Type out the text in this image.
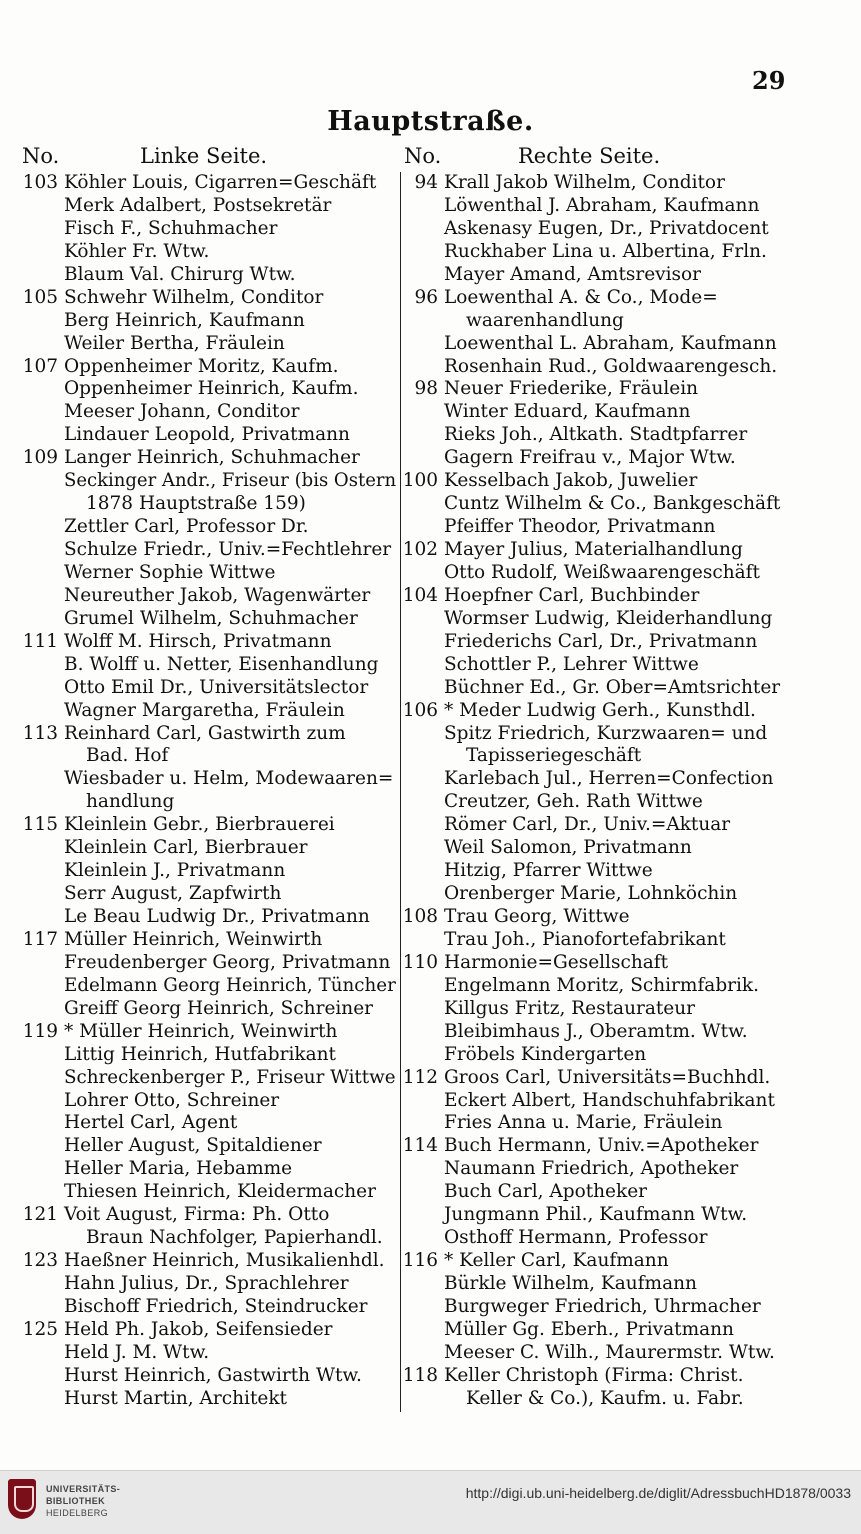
29
Hauptstraße.
No.	Linke Seite.	No.	Rechte Seite.
103 Köhler Louis, Cigarren=Geschäft
Merk Adalbert, Postsekretär
Fisch F., Schuhmacher
Köhler Fr. Wtw.
Blaum Val. Chirurg Wtw.
105 Schwehr Wilhelm, Conditor
Berg Heinrich, Kaufmann
Weiler Bertha, Fräulein
107 Oppenheimer Moritz, Kaufm.
Oppenheimer Heinrich, Kaufm.
Meeser Johann, Conditor
Lindauer Leopold, Privatmann
109 Langer Heinrich, Schuhmacher
Seckinger Andr., Friseur (bis Ostern
1878 Hauptstraße 159)
Zettler Carl, Professor Dr.
Schulze Friedr., Univ.=Fechtlehrer
Werner Sophie Wittwe
Neureuther Jakob, Wagenwärter
Grumel Wilhelm, Schuhmacher
111 Wolff M. Hirsch, Privatmann
B. Wolff u. Netter, Eisenhandlung
Otto Emil Dr., Universitätslector
Wagner Margaretha, Fräulein
113 Reinhard Carl, Gastwirth zum
Bad. Hof
Wiesbader u. Helm, Modewaaren=
handlung
115 Kleinlein Gebr., Bierbrauerei
Kleinlein Carl, Bierbrauer
Kleinlein J., Privatmann
Serr August, Zapfwirth
Le Beau Ludwig Dr., Privatmann
117 Müller Heinrich, Weinwirth
Freudenberger Georg, Privatmann
Edelmann Georg Heinrich, Tüncher
Greiff Georg Heinrich, Schreiner
119 * Müller Heinrich, Weinwirth
Littig Heinrich, Hutfabrikant
Schreckenberger P., Friseur Wittwe
Lohrer Otto, Schreiner
Hertel Carl, Agent
Heller August, Spitaldiener
Heller Maria, Hebamme
Thiesen Heinrich, Kleidermacher
121 Voit August, Firma: Ph. Otto
Braun Nachfolger, Papierhandl.
123 Haeßner Heinrich, Musikalienhdl.
Hahn Julius, Dr., Sprachlehrer
Bischoff Friedrich, Steindrucker
125 Held Ph. Jakob, Seifensieder
Held J. M. Wtw.
Hurst Heinrich, Gastwirth Wtw.
Hurst Martin, Architekt
94 Krall Jakob Wilhelm, Conditor
Löwenthal J. Abraham, Kaufmann
Askenasy Eugen, Dr., Privatdocent
Ruckhaber Lina u. Albertina, Frln.
Mayer Amand, Amtsrevisor
96 Loewenthal A. & Co., Mode=
waarenhandlung
Loewenthal L. Abraham, Kaufmann
Rosenhain Rud., Goldwaarengesch.
98 Neuer Friederike, Fräulein
Winter Eduard, Kaufmann
Rieks Joh., Altkath. Stadtpfarrer
Gagern Freifrau v., Major Wtw.
100 Kesselbach Jakob, Juwelier
Cuntz Wilhelm & Co., Bankgeschäft
Pfeiffer Theodor, Privatmann
102 Mayer Julius, Materialhandlung
Otto Rudolf, Weißwaarengeschäft
104 Hoepfner Carl, Buchbinder
Wormser Ludwig, Kleiderhandlung
Friederichs Carl, Dr., Privatmann
Schottler P., Lehrer Wittwe
Büchner Ed., Gr. Ober=Amtsrichter
106 * Meder Ludwig Gerh., Kunsthdl.
Spitz Friedrich, Kurzwaaren= und
Tapisseriegeschäft
Karlebach Jul., Herren=Confection
Creutzer, Geh. Rath Wittwe
Römer Carl, Dr., Univ.=Aktuar
Weil Salomon, Privatmann
Hitzig, Pfarrer Wittwe
Orenberger Marie, Lohnköchin
108 Trau Georg, Wittwe
Trau Joh., Pianofortefabrikant
110 Harmonie=Gesellschaft
Engelmann Moritz, Schirmfabrik.
Killgus Fritz, Restaurateur
Bleibimhaus J., Oberamtm. Wtw.
Fröbels Kindergarten
112 Groos Carl, Universitäts=Buchhdl.
Eckert Albert, Handschuhfabrikant
Fries Anna u. Marie, Fräulein
114 Buch Hermann, Univ.=Apotheker
Naumann Friedrich, Apotheker
Buch Carl, Apotheker
Jungmann Phil., Kaufmann Wtw.
Osthoff Hermann, Professor
116 * Keller Carl, Kaufmann
Bürkle Wilhelm, Kaufmann
Burgweger Friedrich, Uhrmacher
Müller Gg. Eberh., Privatmann
Meeser C. Wilh., Maurermstr. Wtw.
118 Keller Christoph (Firma: Christ.
Keller & Co.), Kaufm. u. Fabr.
UNIVERSITÄTS-
BIBLIOTHEK
HEIDELBERG
http://digi.ub.uni-heidelberg.de/diglit/AdressbuchHD1878/0033
